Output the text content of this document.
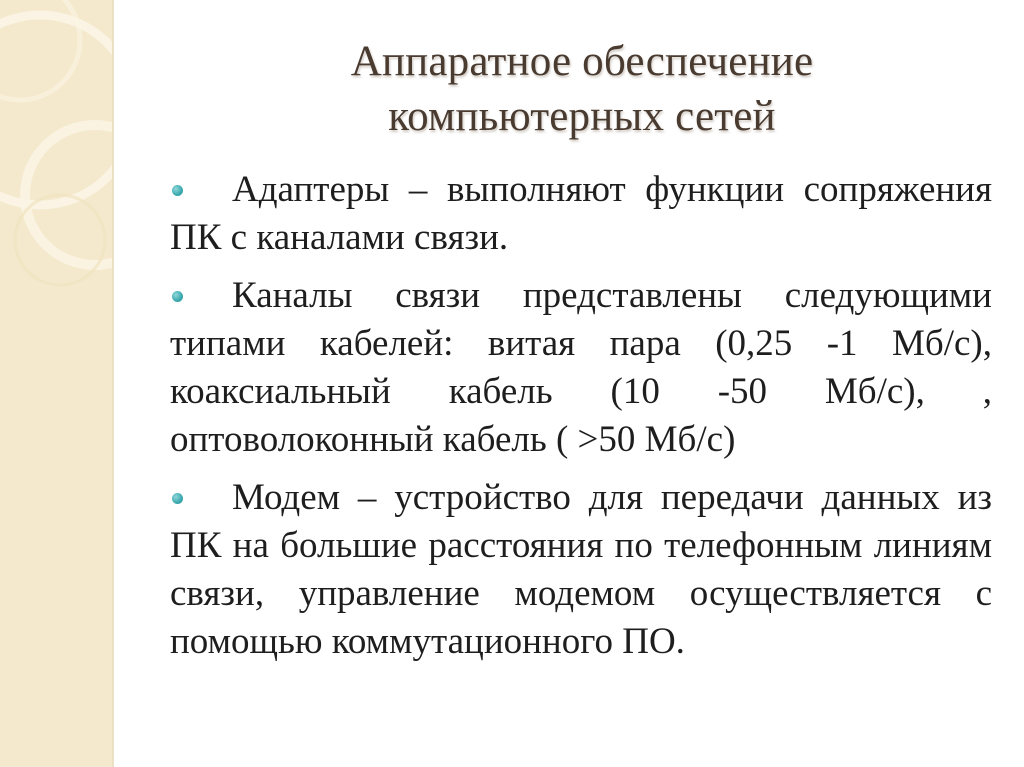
Аппаратное обеспечение
компьютерных сетей
Адаптеры – выполняют функции сопряжения ПК с каналами связи.
Каналы связи представлены следующими типами кабелей: витая пара (0,25 -1 Мб/с), коаксиальный кабель (10 -50 Мб/с), , оптоволоконный кабель ( >50 Мб/с)
Модем – устройство для передачи данных из ПК на большие расстояния по телефонным линиям связи, управление модемом осуществляется с помощью коммутационного ПО.
